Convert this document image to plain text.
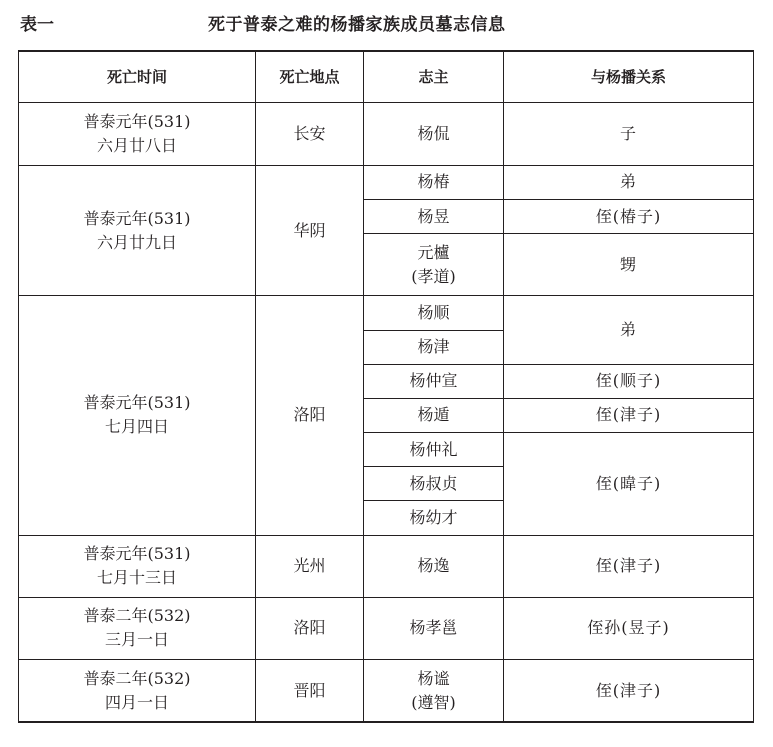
表一	死于普泰之难的杨播家族成员墓志信息
死亡时间	死亡地点	志主	与杨播关系

普泰元年(531)
六月廿八日	长安	杨侃	子

普泰元年(531)
六月廿九日	华阴	杨椿	弟

		杨昱	侄(椿子)

		元櫨
(孝道)	甥

普泰元年(531)
七月四日	洛阳	杨顺	弟

		杨津	

		杨仲宣	侄(顺子)

		杨遁	侄(津子)

		杨仲礼	侄(暐子)

		杨叔贞	

		杨幼才	

普泰元年(531)
七月十三日	光州	杨逸	侄(津子)

普泰二年(532)
三月一日	洛阳	杨孝邕	侄孙(昱子)

普泰二年(532)
四月一日	晋阳	杨谧
(遵智)	侄(津子)
